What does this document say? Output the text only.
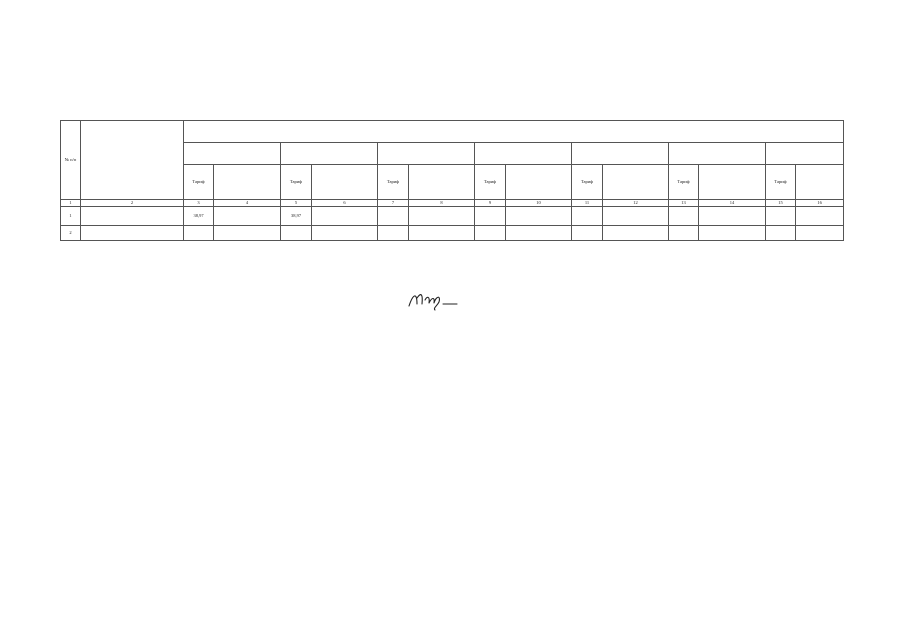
№ п/п																

		Тариф		Тариф		Тариф		Тариф		Тариф		Тариф		Тариф		
1	2	3	4	5	6	7	8	9	10	11	12	13	14	15	16	
1		38,97		38,97													
2																	
